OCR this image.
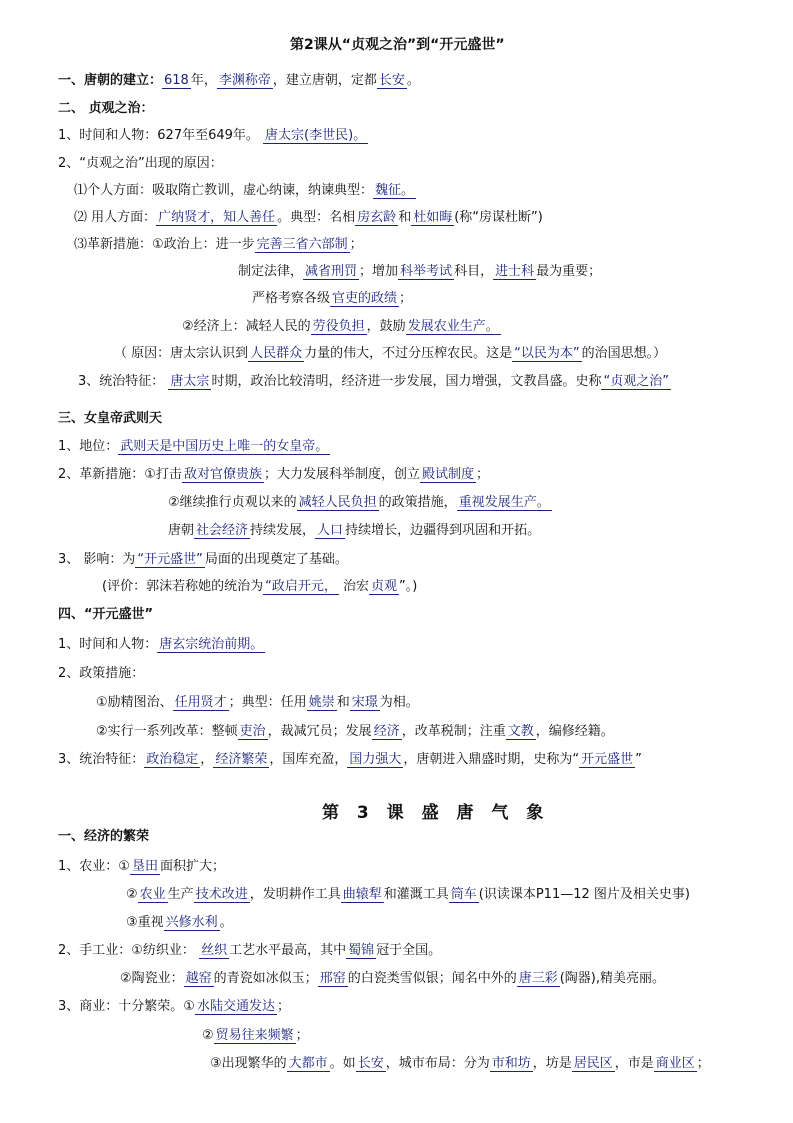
第2课从“贞观之治”到“开元盛世”
一、唐朝的建立： 618 年， 李渊称帝 ，建立唐朝，定都 长安 。
二、 贞观之治：
1、时间和人物：627年至649年。 唐太宗(李世民)。
2、“贞观之治”出现的原因：
⑴个人方面：吸取隋亡教训，虚心纳谏，纳谏典型： 魏征。
⑵ 用人方面： 广纳贤才，知人善任 。典型：名相 房玄龄 和 杜如晦 (称“房谋杜断”)
⑶革新措施：①政治上：进一步 完善三省六部制 ；
制定法律， 减省刑罚 ；增加 科举考试 科目， 进士科 最为重要；
严格考察各级 官吏的政绩 ；
②经济上：减轻人民的 劳役负担 ，鼓励 发展农业生产。
（ 原因：唐太宗认识到 人民群众 力量的伟大，不过分压榨农民。这是 “以民为本” 的治国思想。）
3、统治特征： 唐太宗 时期，政治比较清明，经济进一步发展，国力增强，文教昌盛。史称 “贞观之治”
三、女皇帝武则天
1、地位： 武则天是中国历史上唯一的女皇帝。
2、革新措施：①打击 敌对官僚贵族 ；大力发展科举制度，创立 殿试制度 ；
②继续推行贞观以来的 减轻人民负担 的政策措施， 重视发展生产。
唐朝 社会经济 持续发展， 人口 持续增长，边疆得到巩固和开拓。
3、 影响：为 “开元盛世” 局面的出现奠定了基础。
(评价：郭沫若称她的统治为 “政启开元， 治宏 贞观 ”。)
四、“开元盛世”
1、时间和人物： 唐玄宗统治前期。
2、政策措施：
①励精图治、 任用贤才 ；典型：任用 姚崇 和 宋璟 为相。
②实行一系列改革：整顿 吏治 ，裁减冗员；发展 经济 ，改革税制；注重 文教 ，编修经籍。
3、统治特征： 政治稳定 ， 经济繁荣 ，国库充盈， 国力强大 ，唐朝进入鼎盛时期，史称为“ 开元盛世 ”
第 3 课 盛 唐 气 象
一、经济的繁荣
1、农业：① 垦田 面积扩大；
② 农业 生产 技术改进 ，发明耕作工具 曲辕犁 和灌溉工具 筒车 (识读课本P11—12 图片及相关史事)
③重视 兴修水利 。
2、手工业：①纺织业： 丝织 工艺水平最高，其中 蜀锦 冠于全国。
②陶瓷业： 越窑 的青瓷如冰似玉； 邢窑 的白瓷类雪似银；闻名中外的 唐三彩 (陶器),精美亮丽。
3、商业：十分繁荣。① 水陆交通发达 ；
② 贸易往来频繁 ；
③出现繁华的 大都市 。如 长安 ，城市布局：分为 市和坊 ，坊是 居民区 ，市是 商业区 ；
